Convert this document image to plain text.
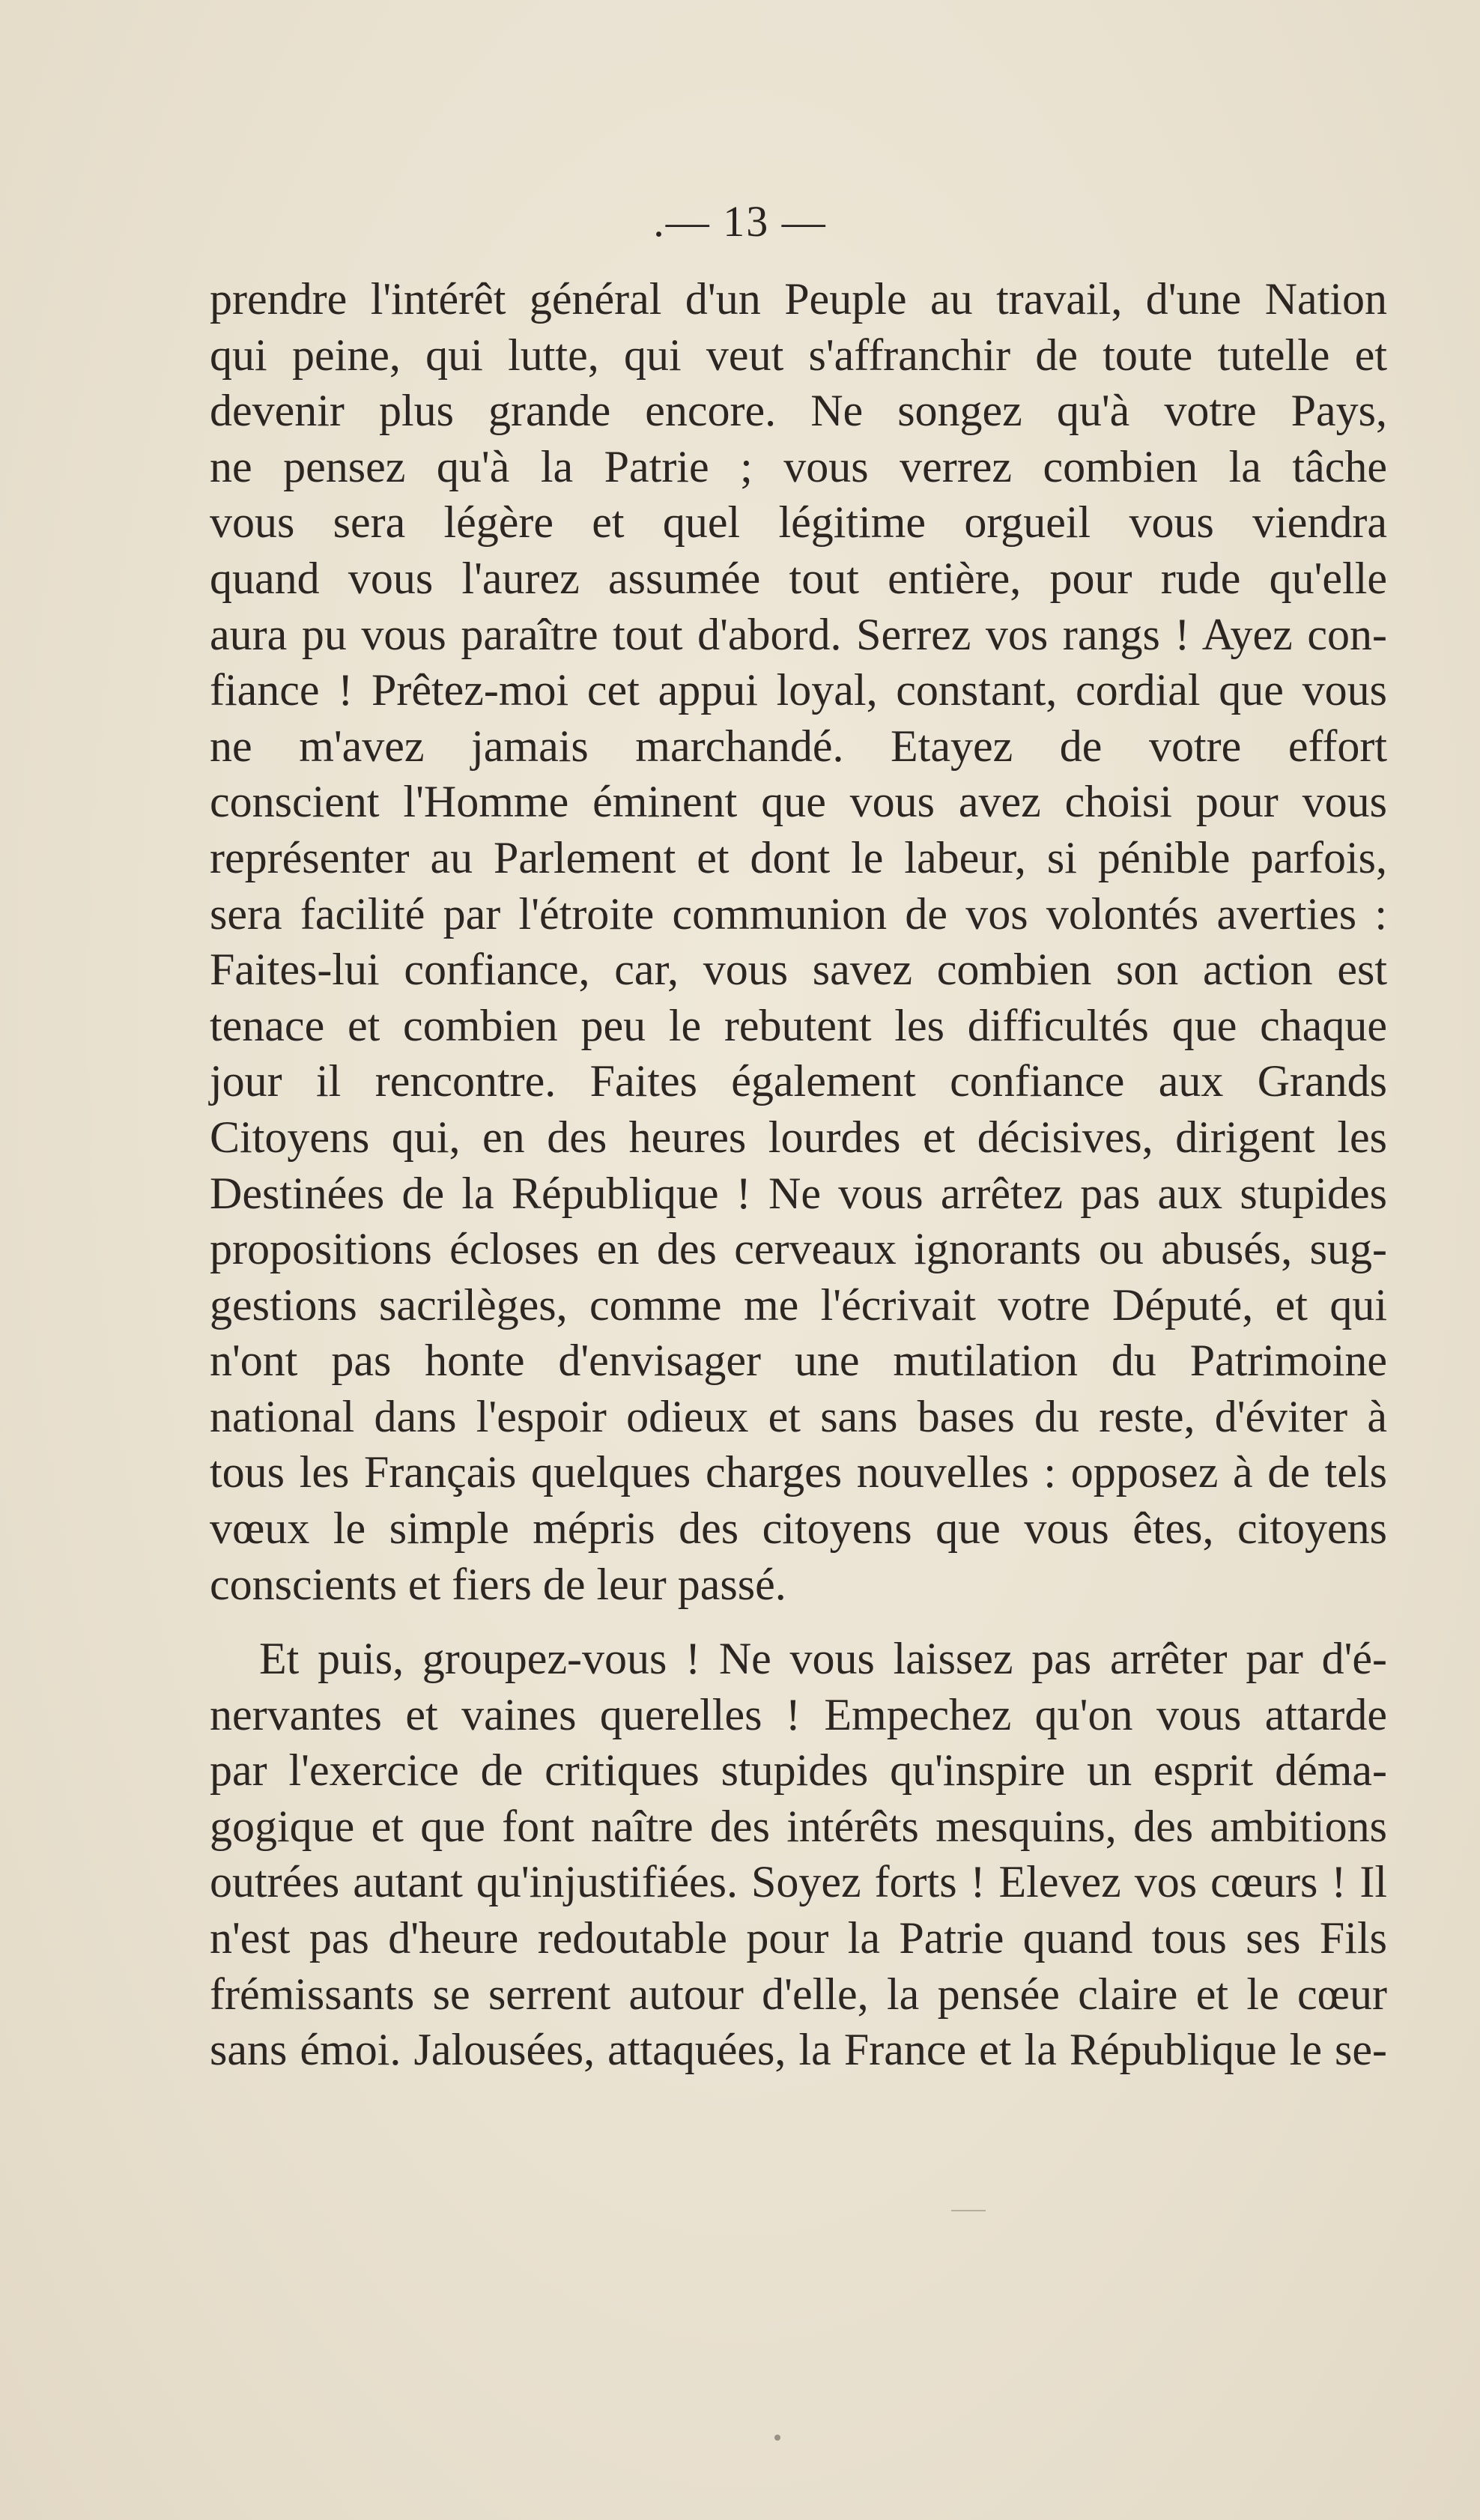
.— 13 —
prendre l'intérêt général d'un Peuple au travail, d'une Nation
qui peine, qui lutte, qui veut s'affranchir de toute tutelle et
devenir plus grande encore. Ne songez qu'à votre Pays,
ne pensez qu'à la Patrie ; vous verrez combien la tâche
vous sera légère et quel légitime orgueil vous viendra
quand vous l'aurez assumée tout entière, pour rude qu'elle
aura pu vous paraître tout d'abord. Serrez vos rangs ! Ayez con-
fiance ! Prêtez-moi cet appui loyal, constant, cordial que vous
ne m'avez jamais marchandé. Etayez de votre effort
conscient l'Homme éminent que vous avez choisi pour vous
représenter au Parlement et dont le labeur, si pénible parfois,
sera facilité par l'étroite communion de vos volontés averties :
Faites-lui confiance, car, vous savez combien son action est
tenace et combien peu le rebutent les difficultés que chaque
jour il rencontre. Faites également confiance aux Grands
Citoyens qui, en des heures lourdes et décisives, dirigent les
Destinées de la République ! Ne vous arrêtez pas aux stupides
propositions écloses en des cerveaux ignorants ou abusés, sug-
gestions sacrilèges, comme me l'écrivait votre Député, et qui
n'ont pas honte d'envisager une mutilation du Patrimoine
national dans l'espoir odieux et sans bases du reste, d'éviter à
tous les Français quelques charges nouvelles : opposez à de tels
vœux le simple mépris des citoyens que vous êtes, citoyens
conscients et fiers de leur passé.
Et puis, groupez-vous ! Ne vous laissez pas arrêter par d'é-
nervantes et vaines querelles ! Empechez qu'on vous attarde
par l'exercice de critiques stupides qu'inspire un esprit déma-
gogique et que font naître des intérêts mesquins, des ambitions
outrées autant qu'injustifiées. Soyez forts ! Elevez vos cœurs ! Il
n'est pas d'heure redoutable pour la Patrie quand tous ses Fils
frémissants se serrent autour d'elle, la pensée claire et le cœur
sans émoi. Jalousées, attaquées, la France et la République le se-
